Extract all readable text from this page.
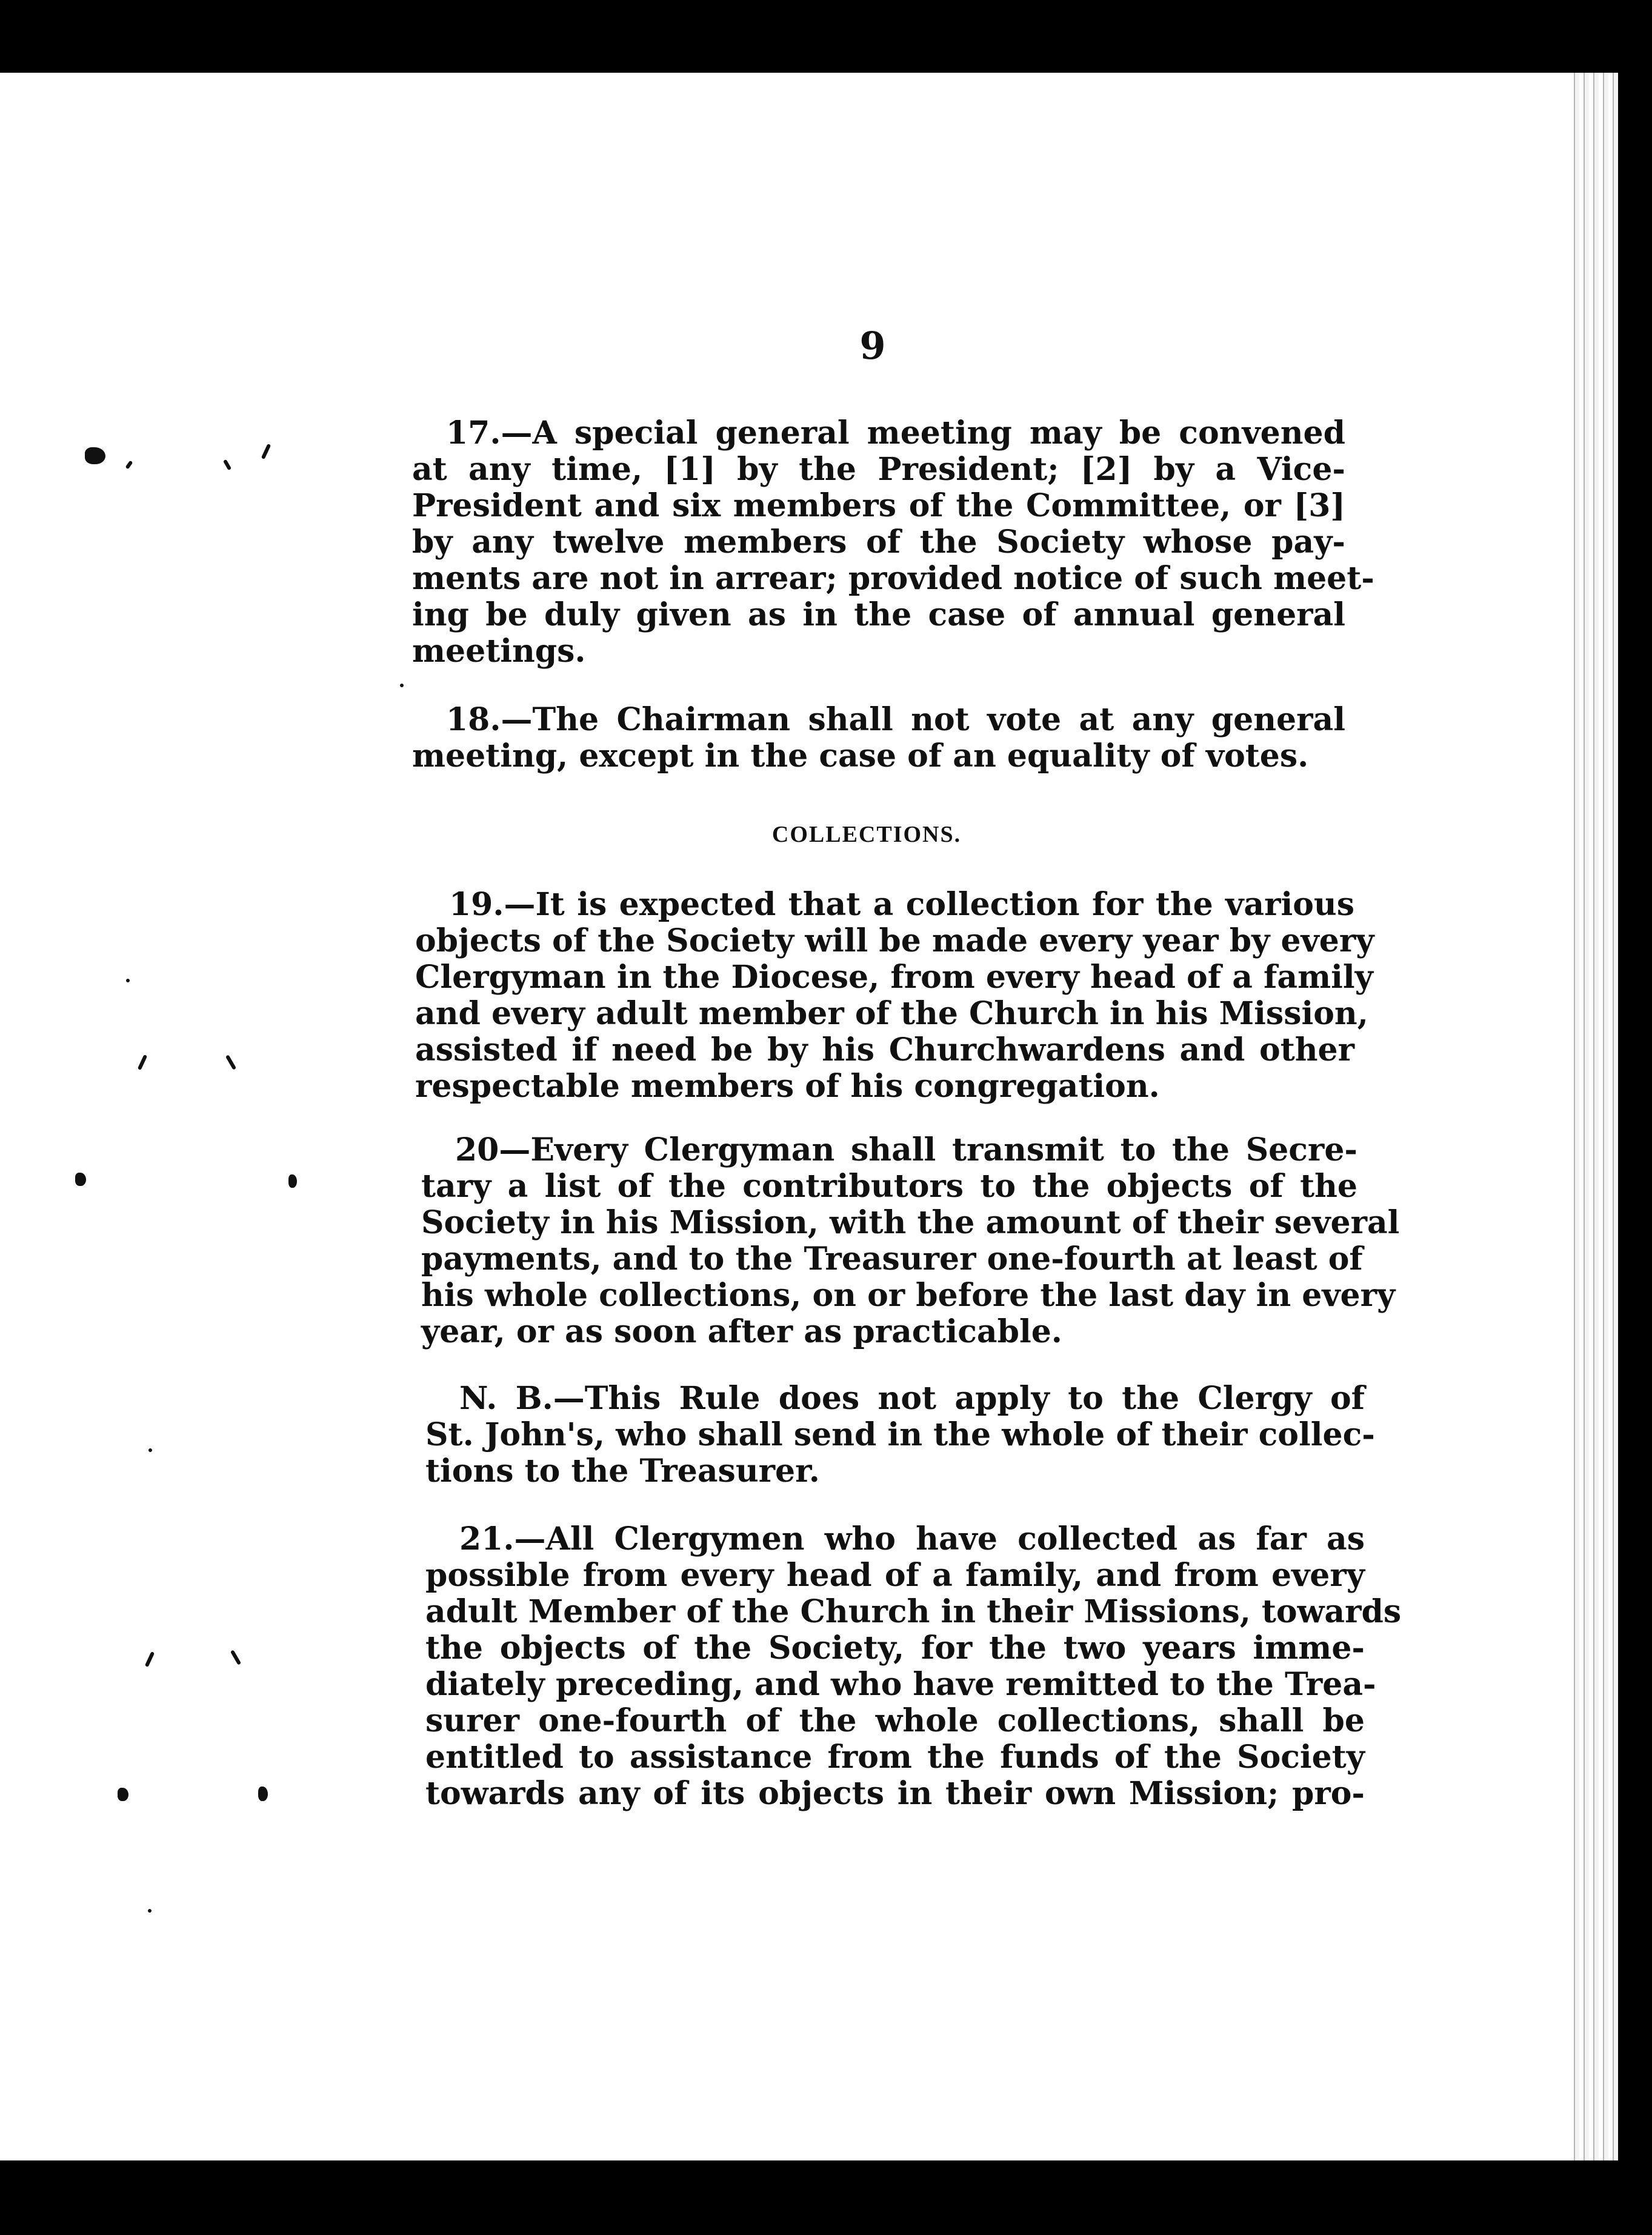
9
17.—A special general meeting may be convened
at any time, [1] by the President; [2] by a Vice-
President and six members of the Committee, or [3]
by any twelve members of the Society whose pay-
ments are not in arrear; provided notice of such meet-
ing be duly given as in the case of annual general
meetings.
18.—The Chairman shall not vote at any general
meeting, except in the case of an equality of votes.
COLLECTIONS.
19.—It is expected that a collection for the various
objects of the Society will be made every year by every
Clergyman in the Diocese, from every head of a family
and every adult member of the Church in his Mission,
assisted if need be by his Churchwardens and other
respectable members of his congregation.
20—Every Clergyman shall transmit to the Secre-
tary a list of the contributors to the objects of the
Society in his Mission, with the amount of their several
payments, and to the Treasurer one-fourth at least of
his whole collections, on or before the last day in every
year, or as soon after as practicable.
N. B.—This Rule does not apply to the Clergy of
St. John's, who shall send in the whole of their collec-
tions to the Treasurer.
21.—All Clergymen who have collected as far as
possible from every head of a family, and from every
adult Member of the Church in their Missions, towards
the objects of the Society, for the two years imme-
diately preceding, and who have remitted to the Trea-
surer one-fourth of the whole collections, shall be
entitled to assistance from the funds of the Society
towards any of its objects in their own Mission; pro-
